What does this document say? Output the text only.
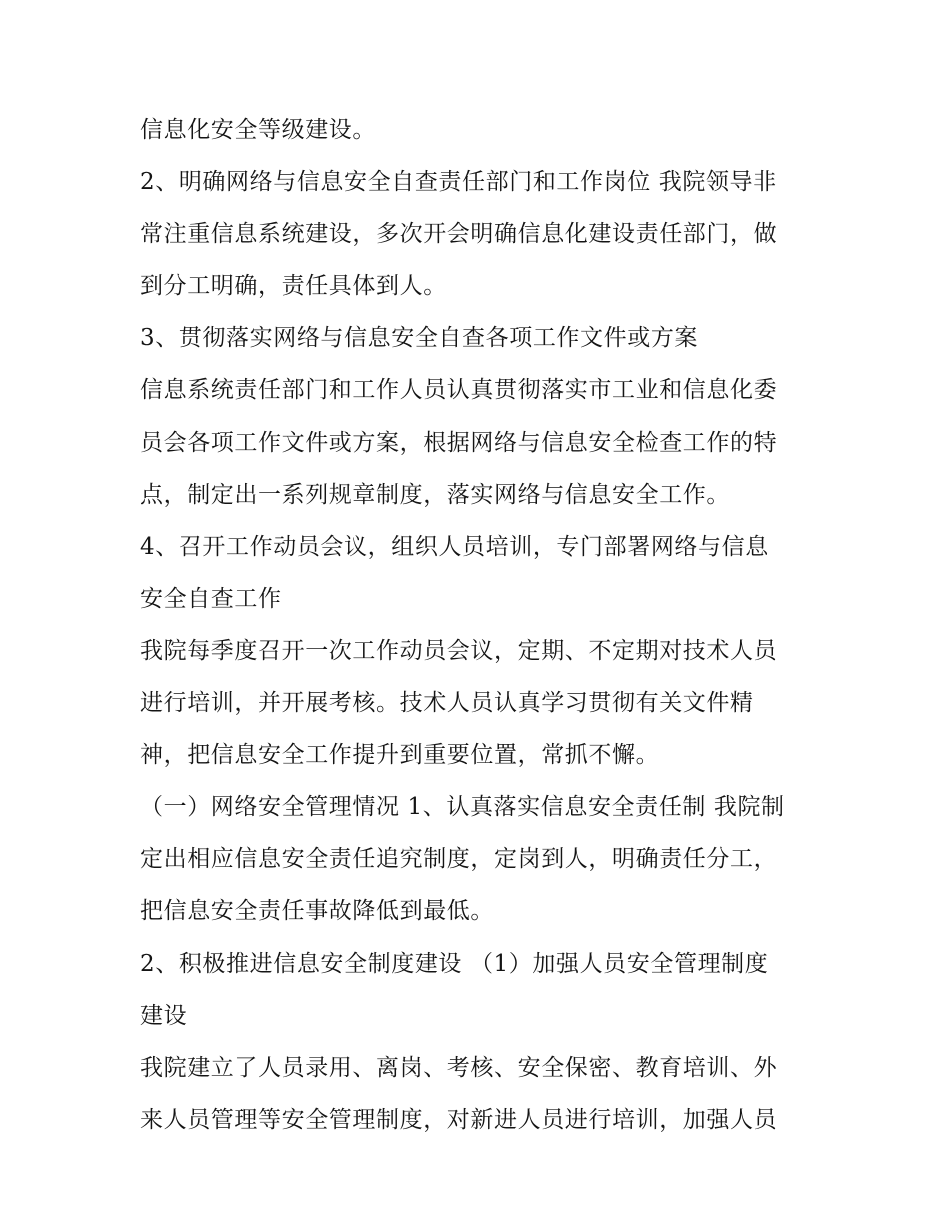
信息化安全等级建设。
2、明确网络与信息安全自查责任部门和工作岗位 我院领导非
常注重信息系统建设，多次开会明确信息化建设责任部门，做
到分工明确，责任具体到人。
3、贯彻落实网络与信息安全自查各项工作文件或方案
信息系统责任部门和工作人员认真贯彻落实市工业和信息化委
员会各项工作文件或方案，根据网络与信息安全检查工作的特
点，制定出一系列规章制度，落实网络与信息安全工作。
4、召开工作动员会议，组织人员培训，专门部署网络与信息
安全自查工作
我院每季度召开一次工作动员会议，定期、不定期对技术人员
进行培训，并开展考核。技术人员认真学习贯彻有关文件精
神，把信息安全工作提升到重要位置，常抓不懈。
（一）网络安全管理情况 1、认真落实信息安全责任制 我院制
定出相应信息安全责任追究制度，定岗到人，明确责任分工，
把信息安全责任事故降低到最低。
2、积极推进信息安全制度建设 （1）加强人员安全管理制度
建设
我院建立了人员录用、离岗、考核、安全保密、教育培训、外
来人员管理等安全管理制度，对新进人员进行培训，加强人员
